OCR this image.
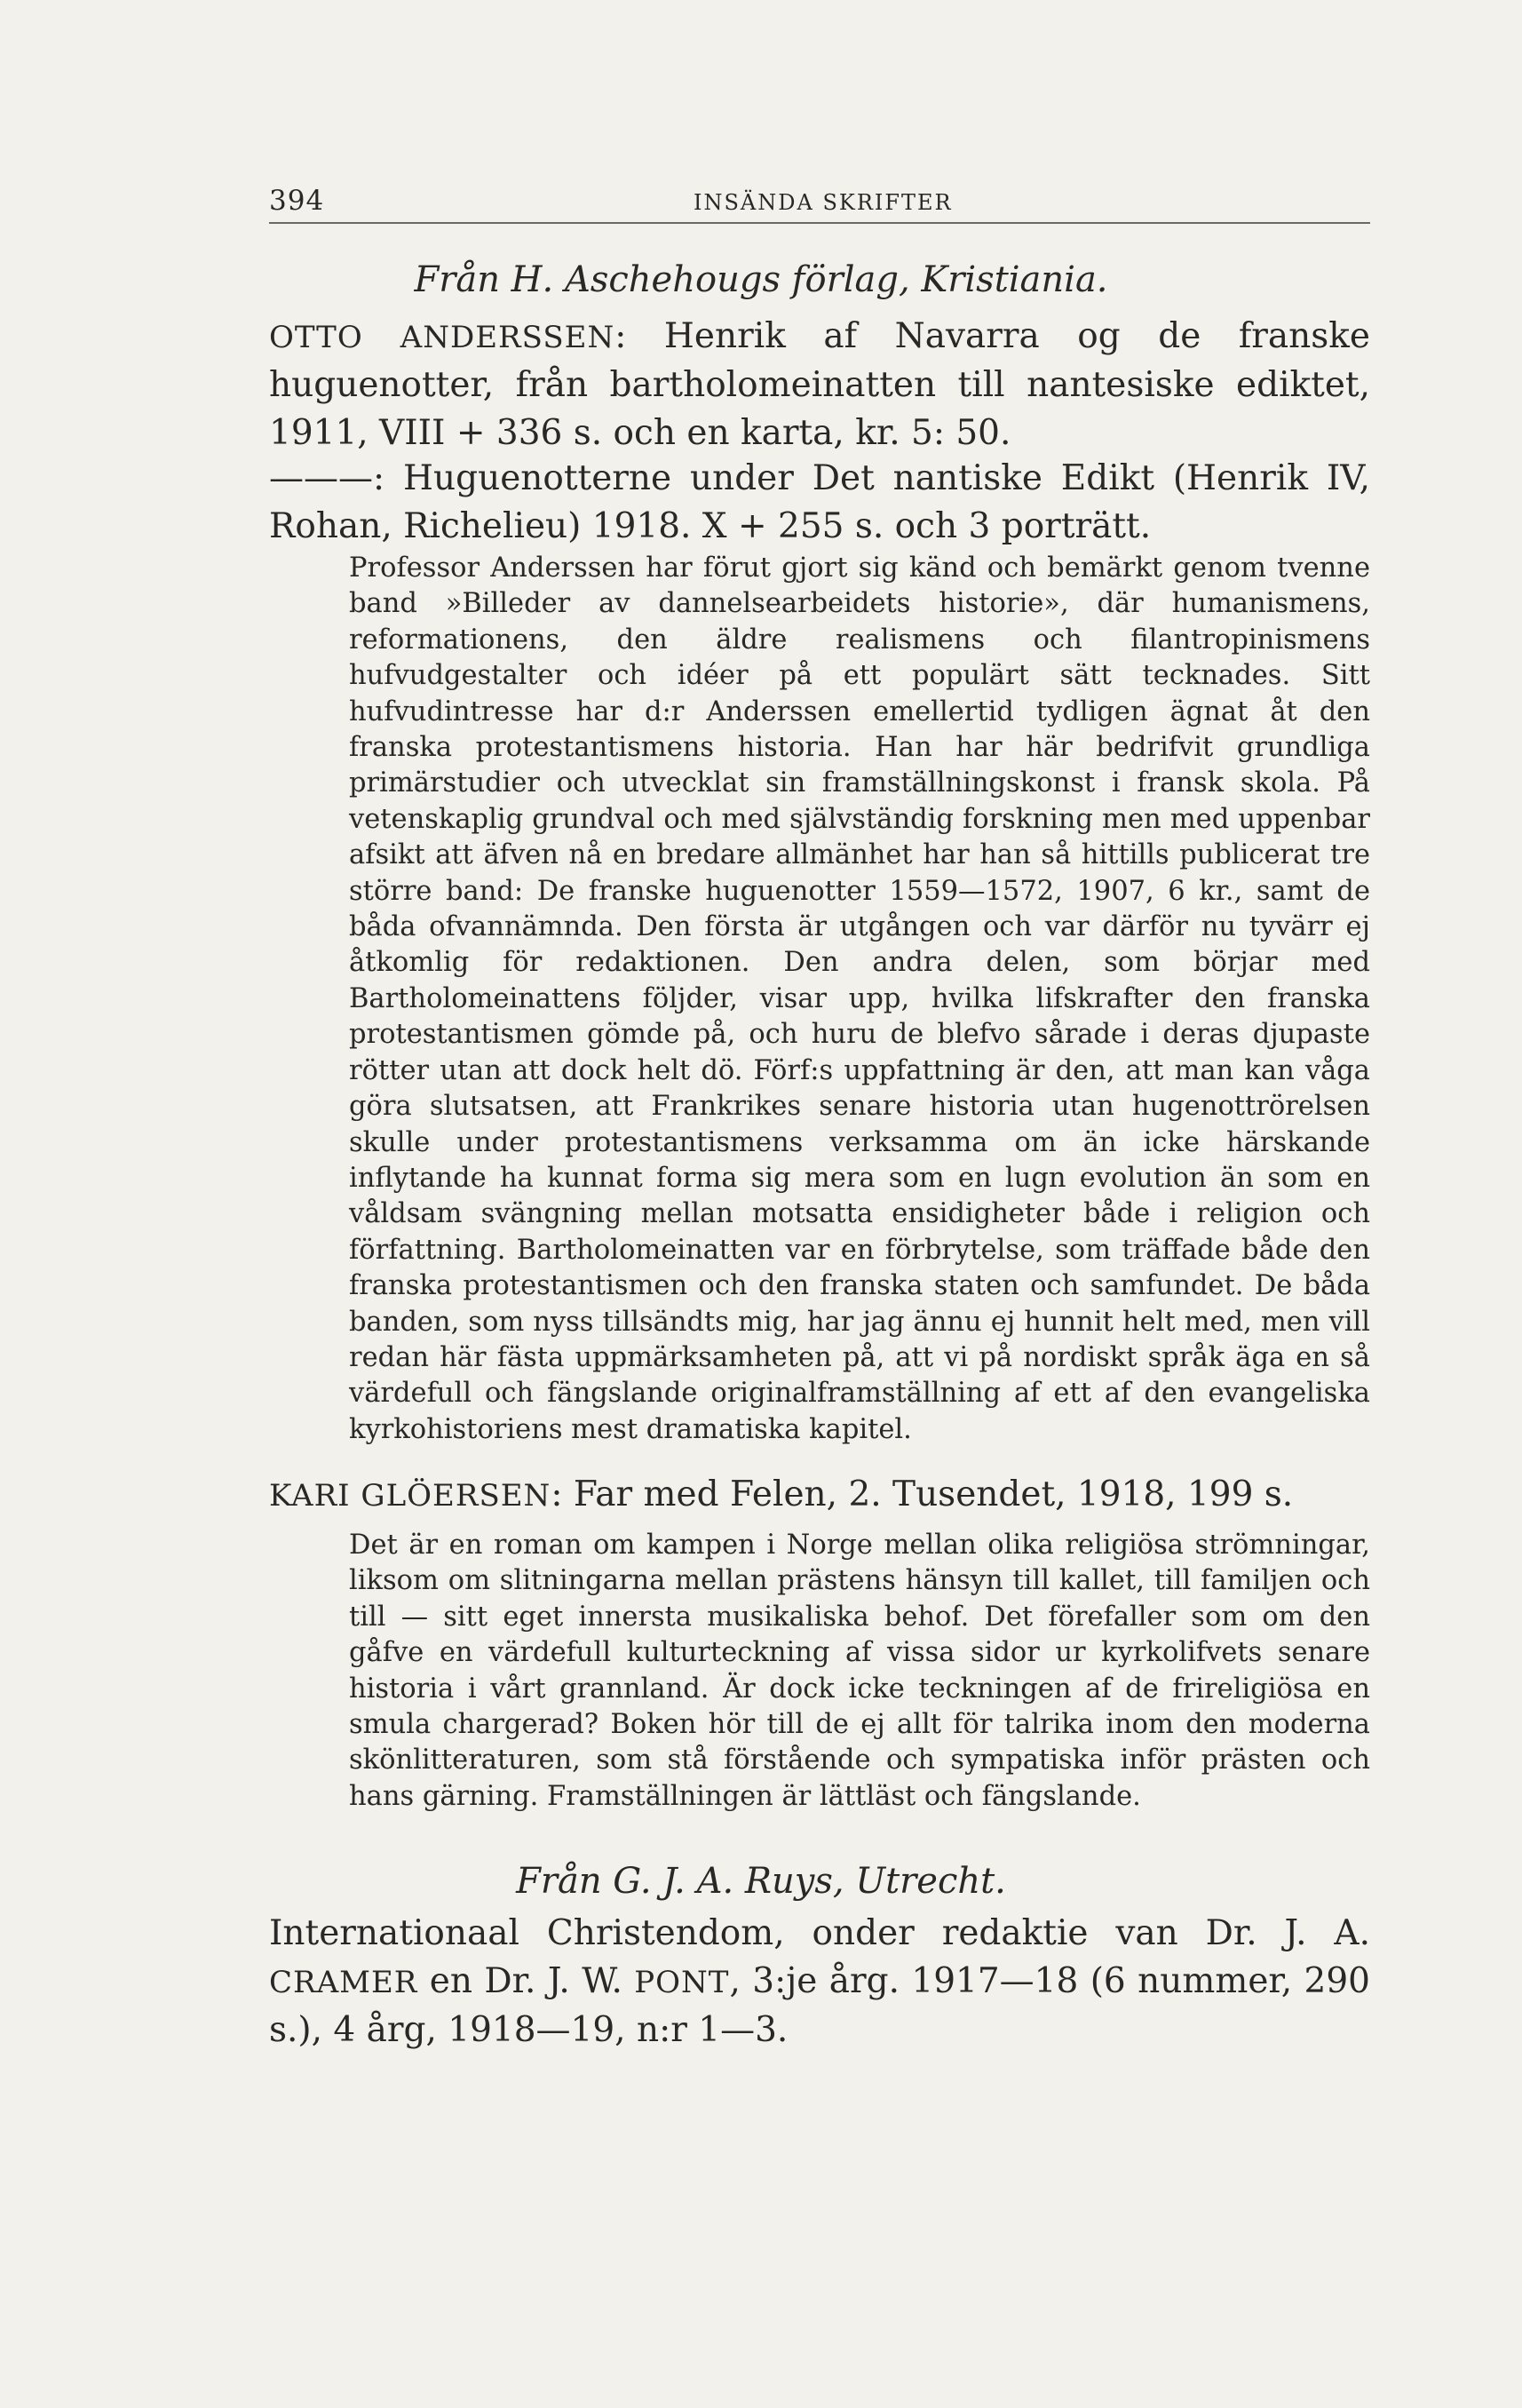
394	INSÄNDA SKRIFTER
Från H. Aschehougs förlag, Kristiania.
OTTO ANDERSSEN: Henrik af Navarra og de franske huguenotter, från bartholomeinatten till nantesiske ediktet, 1911, VIII + 336 s. och en karta, kr. 5: 50.
———: Huguenotterne under Det nantiske Edikt (Henrik IV, Rohan, Richelieu) 1918. X + 255 s. och 3 porträtt.

Professor Anderssen har förut gjort sig känd och bemärkt genom tvenne band »Billeder av dannelsearbeidets historie», där humanismens, reformationens, den äldre realismens och filantropinismens hufvudgestalter och idéer på ett populärt sätt tecknades. Sitt hufvudintresse har d:r Anderssen emellertid tydligen ägnat åt den franska protestantismens historia. Han har här bedrifvit grundliga primärstudier och utvecklat sin framställningskonst i fransk skola. På vetenskaplig grundval och med självständig forskning men med uppenbar afsikt att äfven nå en bredare allmänhet har han så hittills publicerat tre större band: De franske huguenotter 1559—1572, 1907, 6 kr., samt de båda ofvannämnda. Den första är utgången och var därför nu tyvärr ej åtkomlig för redaktionen. Den andra delen, som börjar med Bartholomeinattens följder, visar upp, hvilka lifskrafter den franska protestantismen gömde på, och huru de blefvo sårade i deras djupaste rötter utan att dock helt dö. Förf:s uppfattning är den, att man kan våga göra slutsatsen, att Frankrikes senare historia utan hugenottrörelsen skulle under protestantismens verksamma om än icke härskande inflytande ha kunnat forma sig mera som en lugn evolution än som en våldsam svängning mellan motsatta ensidigheter både i religion och författning. Bartholomeinatten var en förbrytelse, som träffade både den franska protestantismen och den franska staten och samfundet. De båda banden, som nyss tillsändts mig, har jag ännu ej hunnit helt med, men vill redan här fästa uppmärksamheten på, att vi på nordiskt språk äga en så värdefull och fängslande originalframställning af ett af den evangeliska kyrkohistoriens mest dramatiska kapitel.

KARI GLÖERSEN: Far med Felen, 2. Tusendet, 1918, 199 s.

Det är en roman om kampen i Norge mellan olika religiösa strömningar, liksom om slitningarna mellan prästens hänsyn till kallet, till familjen och till — sitt eget innersta musikaliska behof. Det förefaller som om den gåfve en värdefull kulturteckning af vissa sidor ur kyrkolifvets senare historia i vårt grannland. Är dock icke teckningen af de frireligiösa en smula chargerad? Boken hör till de ej allt för talrika inom den moderna skönlitteraturen, som stå förstående och sympatiska inför prästen och hans gärning. Framställningen är lättläst och fängslande.

Från G. J. A. Ruys, Utrecht.
Internationaal Christendom, onder redaktie van Dr. J. A. CRAMER en Dr. J. W. PONT, 3:je årg. 1917—18 (6 nummer, 290 s.), 4 årg, 1918—19, n:r 1—3.
